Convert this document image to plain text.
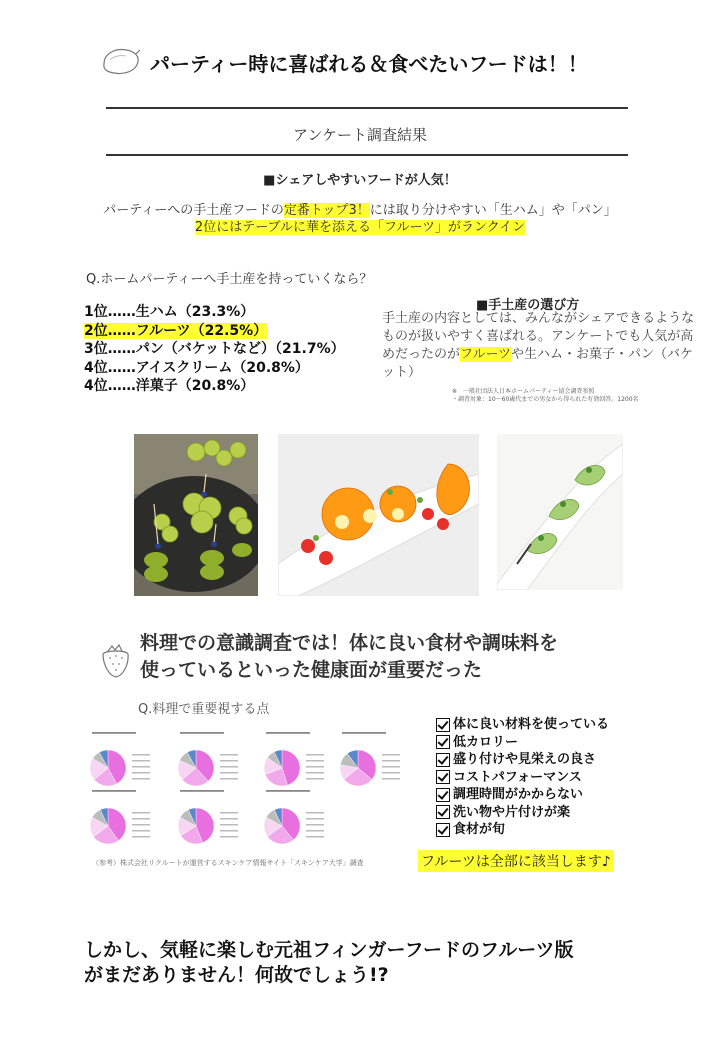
パーティー時に喜ばれる＆食べたいフードは！！
アンケート調査結果
■シェアしやすいフードが人気！
パーティーへの手土産フードの定番トップ3！には取り分けやすい「生ハム」や「パン」
2位にはテーブルに華を添える「フルーツ」がランクイン
Q.ホームパーティーへ手土産を持っていくなら？
1位……生ハム（23.3%）
2位……フルーツ（22.5%）
3位……パン（バケットなど）（21.7%）
4位……アイスクリーム（20.8%）
4位……洋菓子（20.8%）
■手土産の選び方
手土産の内容としては、みんながシェアできるようなものが扱いやすく喜ばれる。アンケートでも人気が高めだったのがフルーツや生ハム・お菓子・パン（バケット）
※　一般社団法人日本ホームパーティー協会調査参照
・調査対象：10～60歳代までの男女から得られた有効回答。1200名
料理での意識調査では！体に良い食材や調味料を
使っているといった健康面が重要だった
Q.料理で重要視する点
（参考）株式会社リクルートが運営するスキンケア情報サイト「スキンケア大学」調査
体に良い材料を使っている
低カロリー
盛り付けや見栄えの良さ
コストパフォーマンス
調理時間がかからない
洗い物や片付けが楽
食材が旬
フルーツは全部に該当します♪
しかし、気軽に楽しむ元祖フィンガーフードのフルーツ版
がまだありません！何故でしょう!?
